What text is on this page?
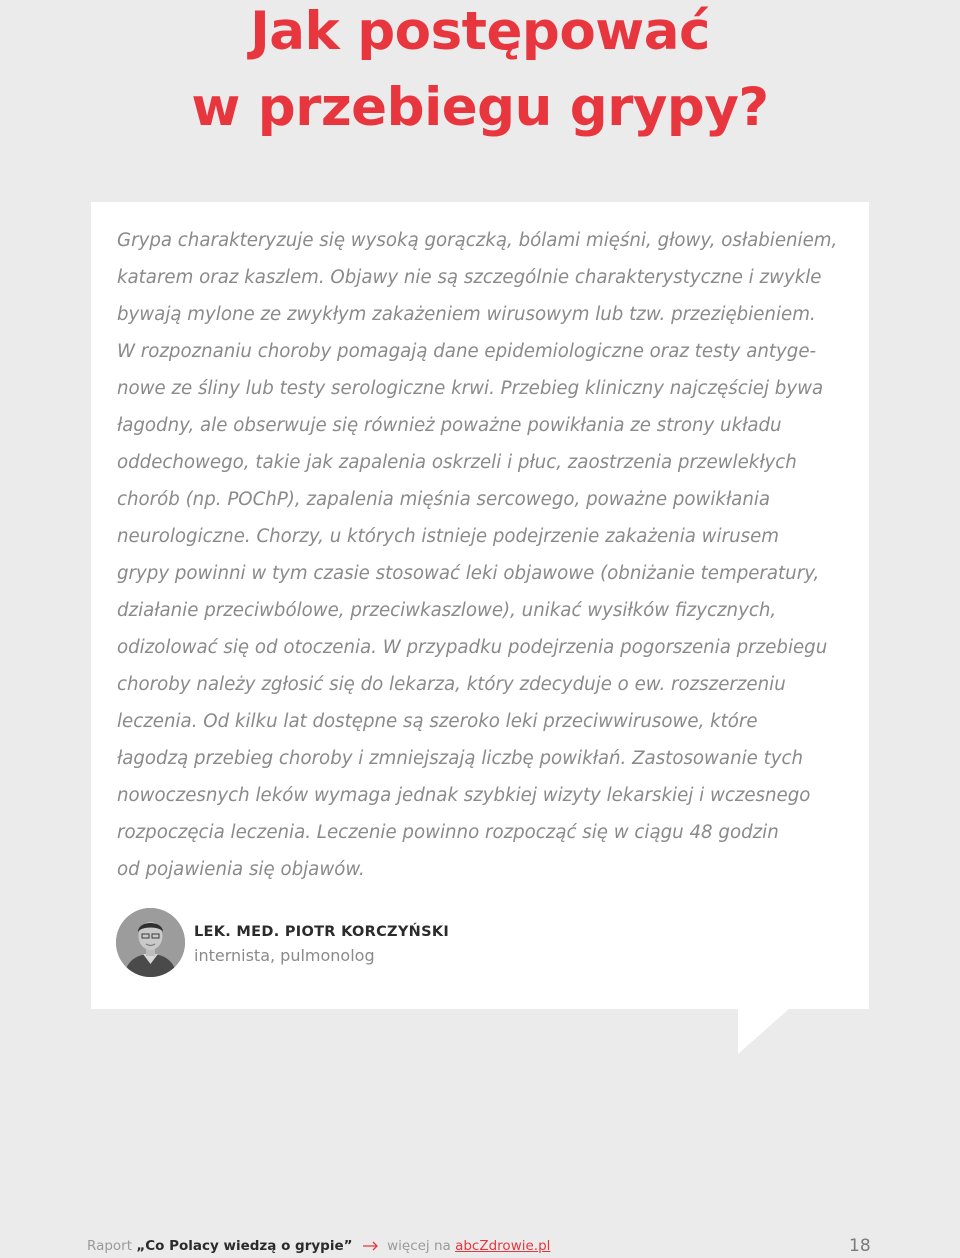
Jak postępować
w przebiegu grypy?

Grypa charakteryzuje się wysoką gorączką, bólami mięśni, głowy, osłabieniem,
katarem oraz kaszlem. Objawy nie są szczególnie charakterystyczne i zwykle
bywają mylone ze zwykłym zakażeniem wirusowym lub tzw. przeziębieniem.
W rozpoznaniu choroby pomagają dane epidemiologiczne oraz testy antyge-
nowe ze śliny lub testy serologiczne krwi. Przebieg kliniczny najczęściej bywa
łagodny, ale obserwuje się również poważne powikłania ze strony układu
oddechowego, takie jak zapalenia oskrzeli i płuc, zaostrzenia przewlekłych
chorób (np. POChP), zapalenia mięśnia sercowego, poważne powikłania
neurologiczne. Chorzy, u których istnieje podejrzenie zakażenia wirusem
grypy powinni w tym czasie stosować leki objawowe (obniżanie temperatury,
działanie przeciwbólowe, przeciwkaszlowe), unikać wysiłków fizycznych,
odizolować się od otoczenia. W przypadku podejrzenia pogorszenia przebiegu
choroby należy zgłosić się do lekarza, który zdecyduje o ew. rozszerzeniu
leczenia. Od kilku lat dostępne są szeroko leki przeciwwirusowe, które
łagodzą przebieg choroby i zmniejszają liczbę powikłań. Zastosowanie tych
nowoczesnych leków wymaga jednak szybkiej wizyty lekarskiej i wczesnego
rozpoczęcia leczenia. Leczenie powinno rozpocząć się w ciągu 48 godzin
od pojawienia się objawów.

LEK. MED. PIOTR KORCZYŃSKI

internista, pulmonolog

Raport „Co Polacy wiedzą o grypie”	więcej na abcZdrowie.pl	18
